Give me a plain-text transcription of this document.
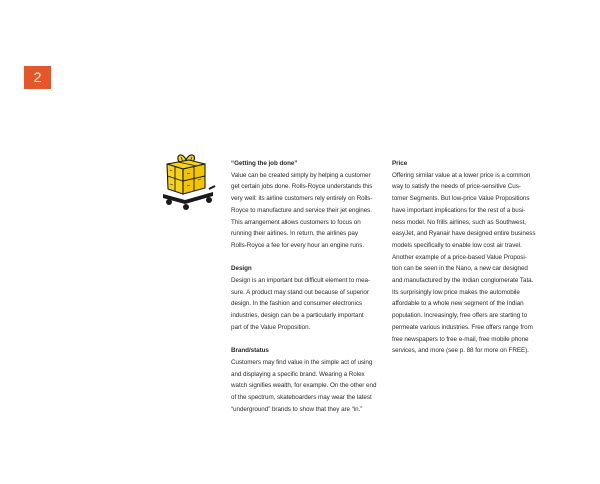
2

“Getting the job done”

Value can be created simply by helping a customer
get certain jobs done. Rolls-Royce understands this
very well: its airline customers rely entirely on Rolls-
Royce to manufacture and service their jet engines.
This arrangement allows customers to focus on
running their airlines. In return, the airlines pay
Rolls-Royce a fee for every hour an engine runs.

Design

Design is an important but difficult element to mea-
sure. A product may stand out because of superior
design. In the fashion and consumer electronics
industries, design can be a particularly important
part of the Value Proposition.

Brand/status

Customers may find value in the simple act of using
and displaying a specific brand. Wearing a Rolex
watch signifies wealth, for example. On the other end
of the spectrum, skateboarders may wear the latest
“underground” brands to show that they are “in.”

Price

Offering similar value at a lower price is a common
way to satisfy the needs of price-sensitive Cus-
tomer Segments. But low-price Value Propositions
have important implications for the rest of a busi-
ness model. No frills airlines, such as Southwest,
easyJet, and Ryanair have designed entire business
models specifically to enable low cost air travel.
Another example of a price-based Value Proposi-
tion can be seen in the Nano, a new car designed
and manufactured by the Indian conglomerate Tata.
Its surprisingly low price makes the automobile
affordable to a whole new segment of the Indian
population. Increasingly, free offers are starting to
permeate various industries. Free offers range from
free newspapers to free e-mail, free mobile phone
services, and more (see p. 88 for more on FREE).
